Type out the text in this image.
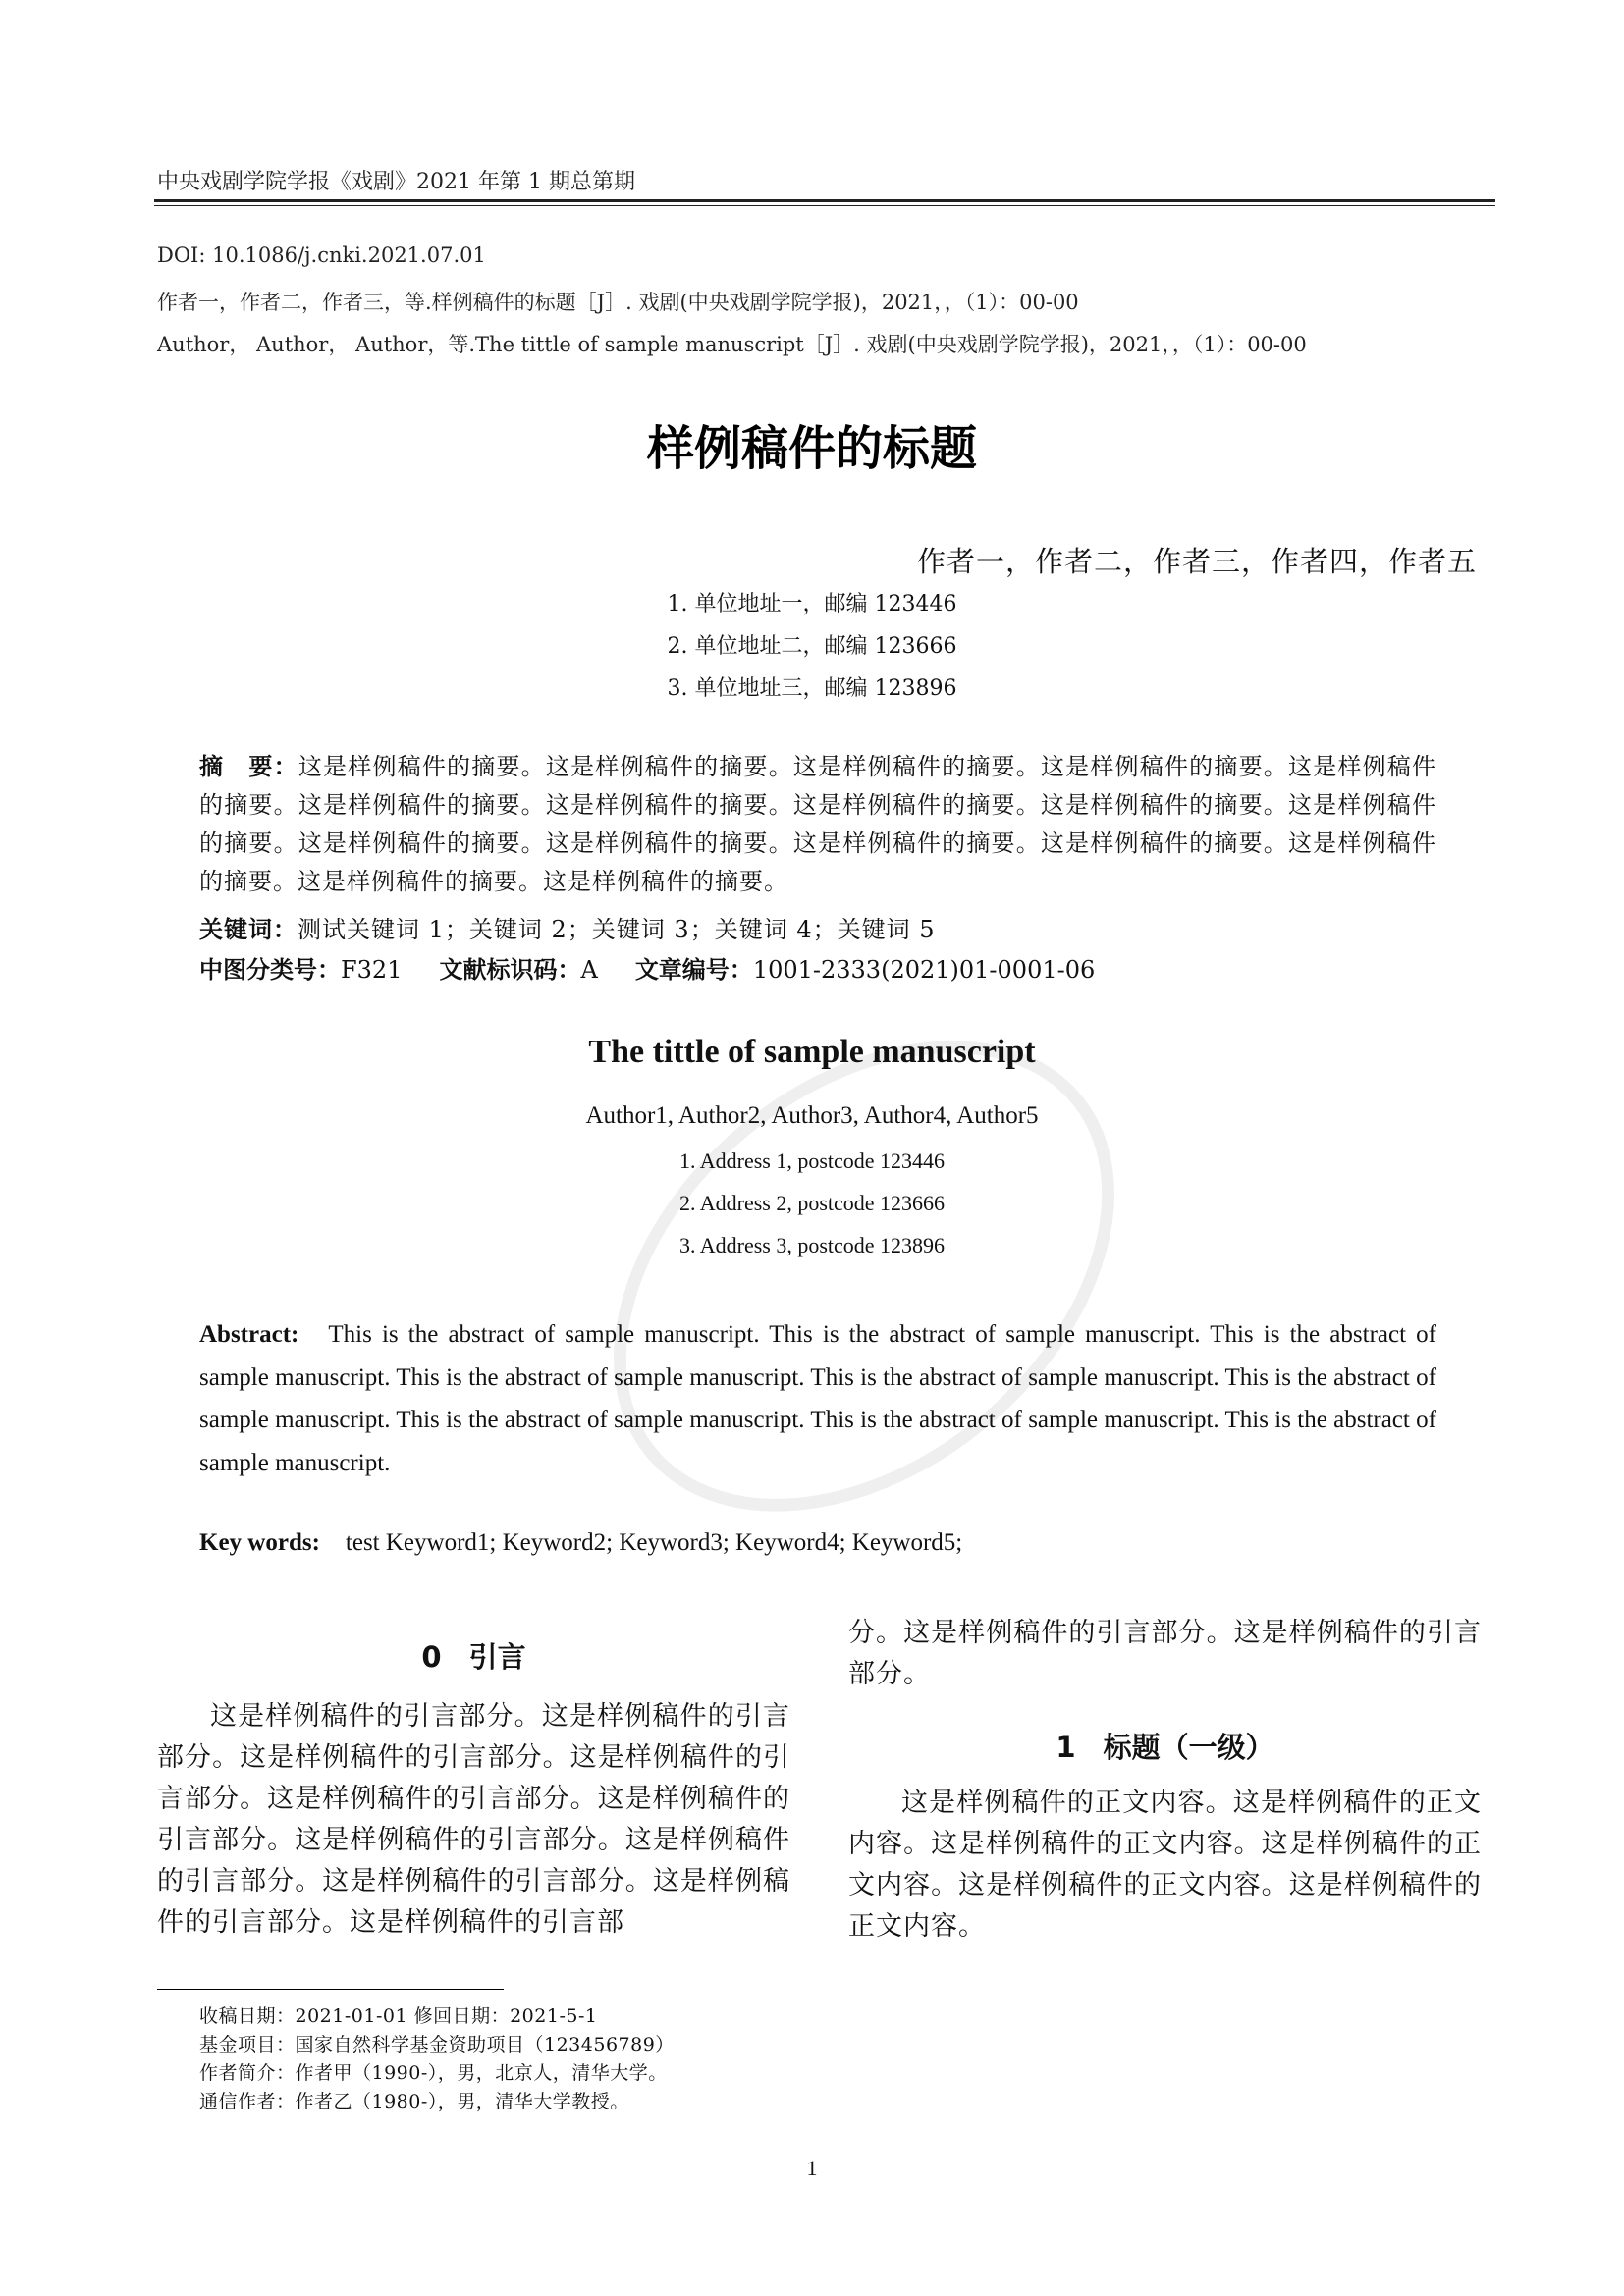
中央戏剧学院学报《戏剧》2021 年第 1 期总第期
DOI: 10.1086/j.cnki.2021.07.01
作者一，作者二，作者三，等.样例稿件的标题［J］. 戏剧(中央戏剧学院学报)，2021，，（1）：00-00
Author， Author， Author，等.The tittle of sample manuscript［J］. 戏剧(中央戏剧学院学报)，2021，，（1）：00-00
样例稿件的标题
作者一，作者二，作者三，作者四，作者五
1. 单位地址一，邮编 123446
2. 单位地址二，邮编 123666
3. 单位地址三，邮编 123896
摘　要：这是样例稿件的摘要。这是样例稿件的摘要。这是样例稿件的摘要。这是样例稿件的摘要。这是样例稿件的摘要。这是样例稿件的摘要。这是样例稿件的摘要。这是样例稿件的摘要。这是样例稿件的摘要。这是样例稿件的摘要。这是样例稿件的摘要。这是样例稿件的摘要。这是样例稿件的摘要。这是样例稿件的摘要。这是样例稿件的摘要。这是样例稿件的摘要。这是样例稿件的摘要。
关键词：测试关键词 1；关键词 2；关键词 3；关键词 4；关键词 5
中图分类号：F321 文献标识码：A 文章编号：1001-2333(2021)01-0001-06
The tittle of sample manuscript
Author1, Author2, Author3, Author4, Author5
1. Address 1, postcode 123446
2. Address 2, postcode 123666
3. Address 3, postcode 123896
Abstract: This is the abstract of sample manuscript. This is the abstract of sample manuscript. This is the abstract of sample manuscript. This is the abstract of sample manuscript. This is the abstract of sample manuscript. This is the abstract of sample manuscript. This is the abstract of sample manuscript. This is the abstract of sample manuscript. This is the abstract of sample manuscript.
Key words: test Keyword1; Keyword2; Keyword3; Keyword4; Keyword5;
0 引言
这是样例稿件的引言部分。这是样例稿件的引言部分。这是样例稿件的引言部分。这是样例稿件的引言部分。这是样例稿件的引言部分。这是样例稿件的引言部分。这是样例稿件的引言部分。这是样例稿件的引言部分。这是样例稿件的引言部分。这是样例稿件的引言部分。这是样例稿件的引言部
分。这是样例稿件的引言部分。这是样例稿件的引言部分。
1 标题（一级）
这是样例稿件的正文内容。这是样例稿件的正文内容。这是样例稿件的正文内容。这是样例稿件的正文内容。这是样例稿件的正文内容。这是样例稿件的正文内容。
收稿日期：2021-01-01 修回日期：2021-5-1
基金项目：国家自然科学基金资助项目（123456789）
作者简介：作者甲（1990-），男，北京人，清华大学。
通信作者：作者乙（1980-），男，清华大学教授。
1
